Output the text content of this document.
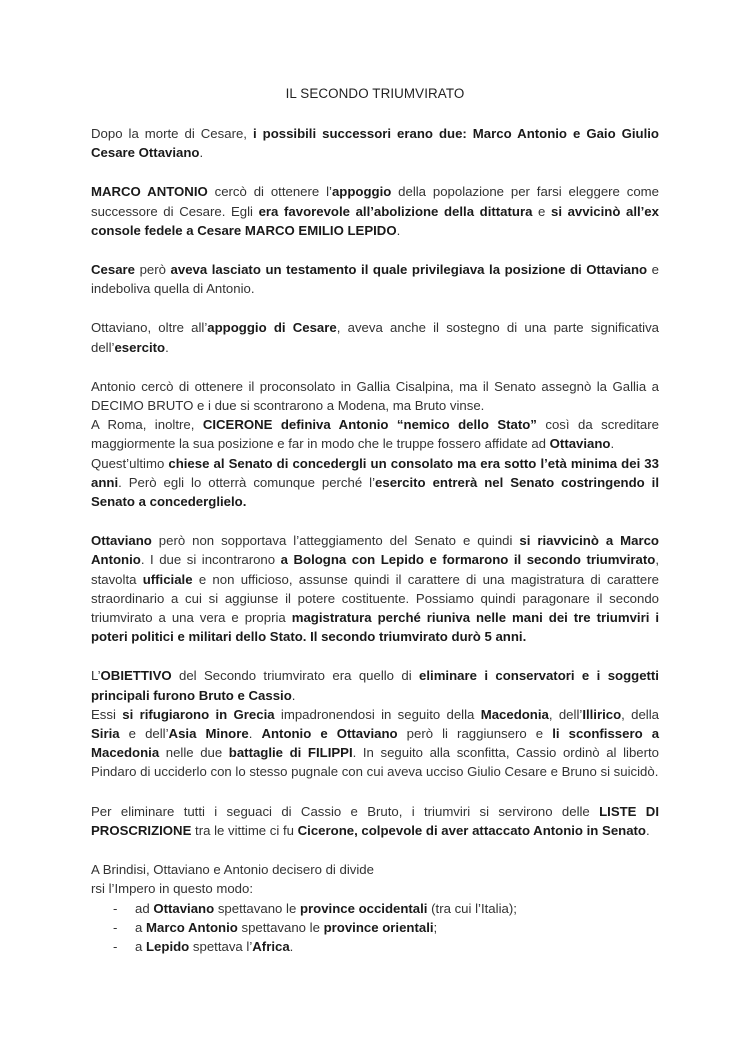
IL SECONDO TRIUMVIRATO

Dopo la morte di Cesare, i possibili successori erano due: Marco Antonio e Gaio Giulio Cesare Ottaviano.

MARCO ANTONIO cercò di ottenere l’appoggio della popolazione per farsi eleggere come successore di Cesare. Egli era favorevole all’abolizione della dittatura e si avvicinò all’ex console fedele a Cesare MARCO EMILIO LEPIDO.

Cesare però aveva lasciato un testamento il quale privilegiava la posizione di Ottaviano e indeboliva quella di Antonio.

Ottaviano, oltre all’appoggio di Cesare, aveva anche il sostegno di una parte significativa dell’esercito.

Antonio cercò di ottenere il proconsolato in Gallia Cisalpina, ma il Senato assegnò la Gallia a DECIMO BRUTO e i due si scontrarono a Modena, ma Bruto vinse.

A Roma, inoltre, CICERONE definiva Antonio “nemico dello Stato” così da screditare maggiormente la sua posizione e far in modo che le truppe fossero affidate ad Ottaviano.

Quest’ultimo chiese al Senato di concedergli un consolato ma era sotto l’età minima dei 33 anni. Però egli lo otterrà comunque perché l’esercito entrerà nel Senato costringendo il Senato a concederglielo.

Ottaviano però non sopportava l’atteggiamento del Senato e quindi si riavvicinò a Marco Antonio. I due si incontrarono a Bologna con Lepido e formarono il secondo triumvirato, stavolta ufficiale e non ufficioso, assunse quindi il carattere di una magistratura di carattere straordinario a cui si aggiunse il potere costituente. Possiamo quindi paragonare il secondo triumvirato a una vera e propria magistratura perché riuniva nelle mani dei tre triumviri i poteri politici e militari dello Stato. Il secondo triumvirato durò 5 anni.

L’OBIETTIVO del Secondo triumvirato era quello di eliminare i conservatori e i soggetti principali furono Bruto e Cassio.

Essi si rifugiarono in Grecia impadronendosi in seguito della Macedonia, dell’Illirico, della Siria e dell’Asia Minore. Antonio e Ottaviano però li raggiunsero e li sconfissero a Macedonia nelle due battaglie di FILIPPI. In seguito alla sconfitta, Cassio ordinò al liberto Pindaro di ucciderlo con lo stesso pugnale con cui aveva ucciso Giulio Cesare e Bruno si suicidò.

Per eliminare tutti i seguaci di Cassio e Bruto, i triumviri si servirono delle LISTE DI PROSCRIZIONE tra le vittime ci fu Cicerone, colpevole di aver attaccato Antonio in Senato.

A Brindisi, Ottaviano e Antonio decisero di divide
rsi l’Impero in questo modo:

- ad Ottaviano spettavano le province occidentali (tra cui l’Italia);
- a Marco Antonio spettavano le province orientali;
- a Lepido spettava l’Africa.
